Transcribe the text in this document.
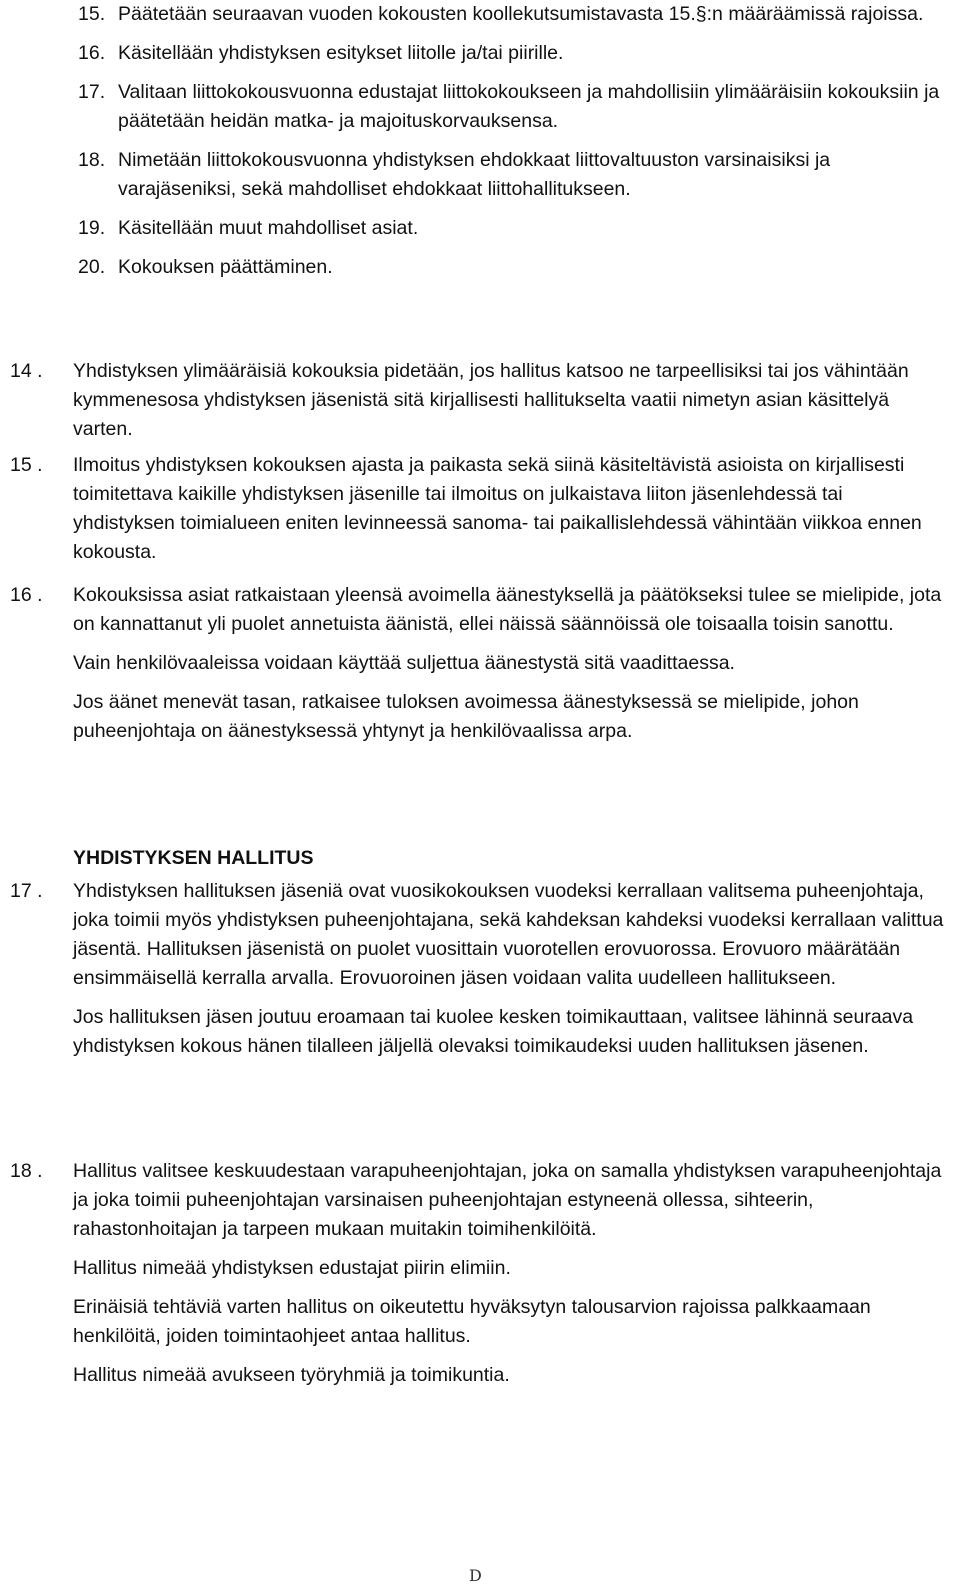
15. Päätetään seuraavan vuoden kokousten koollekutsumistavasta 15.§:n määräämissä rajoissa.
16. Käsitellään yhdistyksen esitykset liitolle ja/tai piirille.
17. Valitaan liittokokousvuonna edustajat liittokokoukseen ja mahdollisiin ylimääräisiin kokouksiin ja päätetään heidän matka- ja majoituskorvauksensa.
18. Nimetään liittokokousvuonna yhdistyksen ehdokkaat liittovaltuuston varsinaisiksi ja varajäseniksi, sekä mahdolliset ehdokkaat liittohallitukseen.
19. Käsitellään muut mahdolliset asiat.
20. Kokouksen päättäminen.
14 . Yhdistyksen ylimääräisiä kokouksia pidetään, jos hallitus katsoo ne tarpeellisiksi tai jos vähintään kymmenesosa yhdistyksen jäsenistä sitä kirjallisesti hallitukselta vaatii nimetyn asian käsittelyä varten.
15 . Ilmoitus yhdistyksen kokouksen ajasta ja paikasta sekä siinä käsiteltävistä asioista on kirjallisesti toimitettava kaikille yhdistyksen jäsenille tai ilmoitus on julkaistava liiton jäsenlehdessä tai yhdistyksen toimialueen eniten levinneessä sanoma- tai paikallislehdessä vähintään viikkoa ennen kokousta.
16 . Kokouksissa asiat ratkaistaan yleensä avoimella äänestyksellä ja päätökseksi tulee se mielipide, jota on kannattanut yli puolet annetuista äänistä, ellei näissä säännöissä ole toisaalla toisin sanottu.
Vain henkilövaaleissa voidaan käyttää suljettua äänestystä sitä vaadittaessa.
Jos äänet menevät tasan, ratkaisee tuloksen avoimessa äänestyksessä se mielipide, johon puheenjohtaja on äänestyksessä yhtynyt ja henkilövaalissa arpa.
YHDISTYKSEN HALLITUS
17 . Yhdistyksen hallituksen jäseniä ovat vuosikokouksen vuodeksi kerrallaan valitsema puheenjohtaja, joka toimii myös yhdistyksen puheenjohtajana, sekä kahdeksan kahdeksi vuodeksi kerrallaan valittua jäsentä. Hallituksen jäsenistä on puolet vuosittain vuorotellen erovuorossa. Erovuoro määrätään ensimmäisellä kerralla arvalla. Erovuoroinen jäsen voidaan valita uudelleen hallitukseen.
Jos hallituksen jäsen joutuu eroamaan tai kuolee kesken toimikauttaan, valitsee lähinnä seuraava yhdistyksen kokous hänen tilalleen jäljellä olevaksi toimikaudeksi uuden hallituksen jäsenen.
18 . Hallitus valitsee keskuudestaan varapuheenjohtajan, joka on samalla yhdistyksen varapuheenjohtaja ja joka toimii puheenjohtajan varsinaisen puheenjohtajan estyneenä ollessa, sihteerin, rahastonhoitajan ja tarpeen mukaan muitakin toimihenkilöitä.
Hallitus nimeää yhdistyksen edustajat piirin elimiin.
Erinäisiä tehtäviä varten hallitus on oikeutettu hyväksytyn talousarvion rajoissa palkkaamaan henkilöitä, joiden toimintaohjeet antaa hallitus.
Hallitus nimeää avukseen työryhmiä ja toimikuntia.
D
